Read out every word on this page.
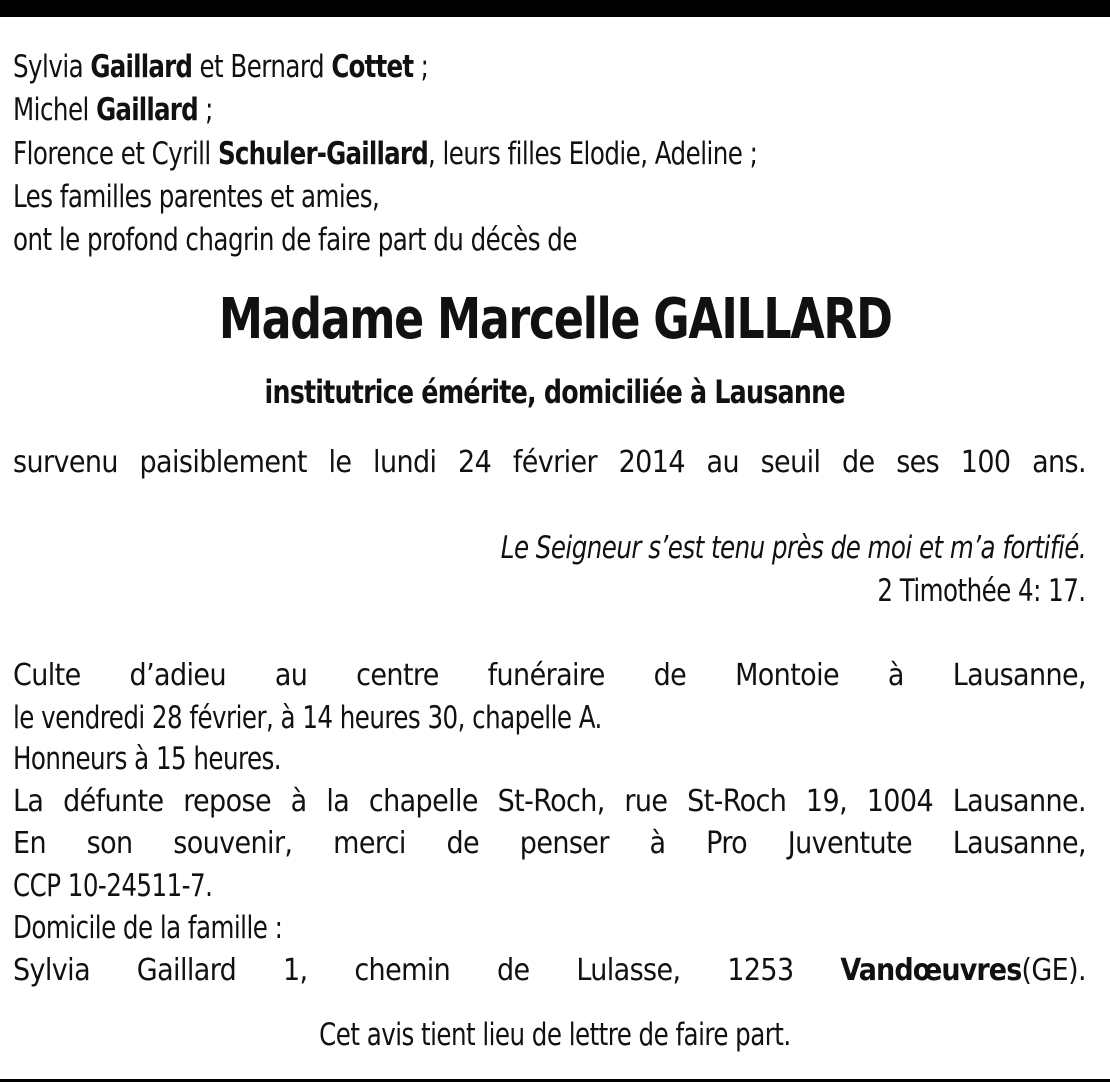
Sylvia Gaillard et Bernard Cottet ;
Michel Gaillard ;
Florence et Cyrill Schuler-Gaillard, leurs filles Elodie, Adeline ;
Les familles parentes et amies,
ont le profond chagrin de faire part du décès de
Madame Marcelle GAILLARD
institutrice émérite, domiciliée à Lausanne
survenu paisiblement le lundi 24 février 2014 au seuil de ses 100 ans.
Le Seigneur s’est tenu près de moi et m’a fortifié.
2 Timothée 4: 17.
Culte d’adieu au centre funéraire de Montoie à Lausanne,
le vendredi 28 février, à 14 heures 30, chapelle A.
Honneurs à 15 heures.
La défunte repose à la chapelle St-Roch, rue St-Roch 19, 1004 Lausanne.
En son souvenir, merci de penser à Pro Juventute Lausanne,
CCP 10-24511-7.
Domicile de la famille :
Sylvia Gaillard 1, chemin de Lulasse, 1253 Vandœuvres(GE).
Cet avis tient lieu de lettre de faire part.
